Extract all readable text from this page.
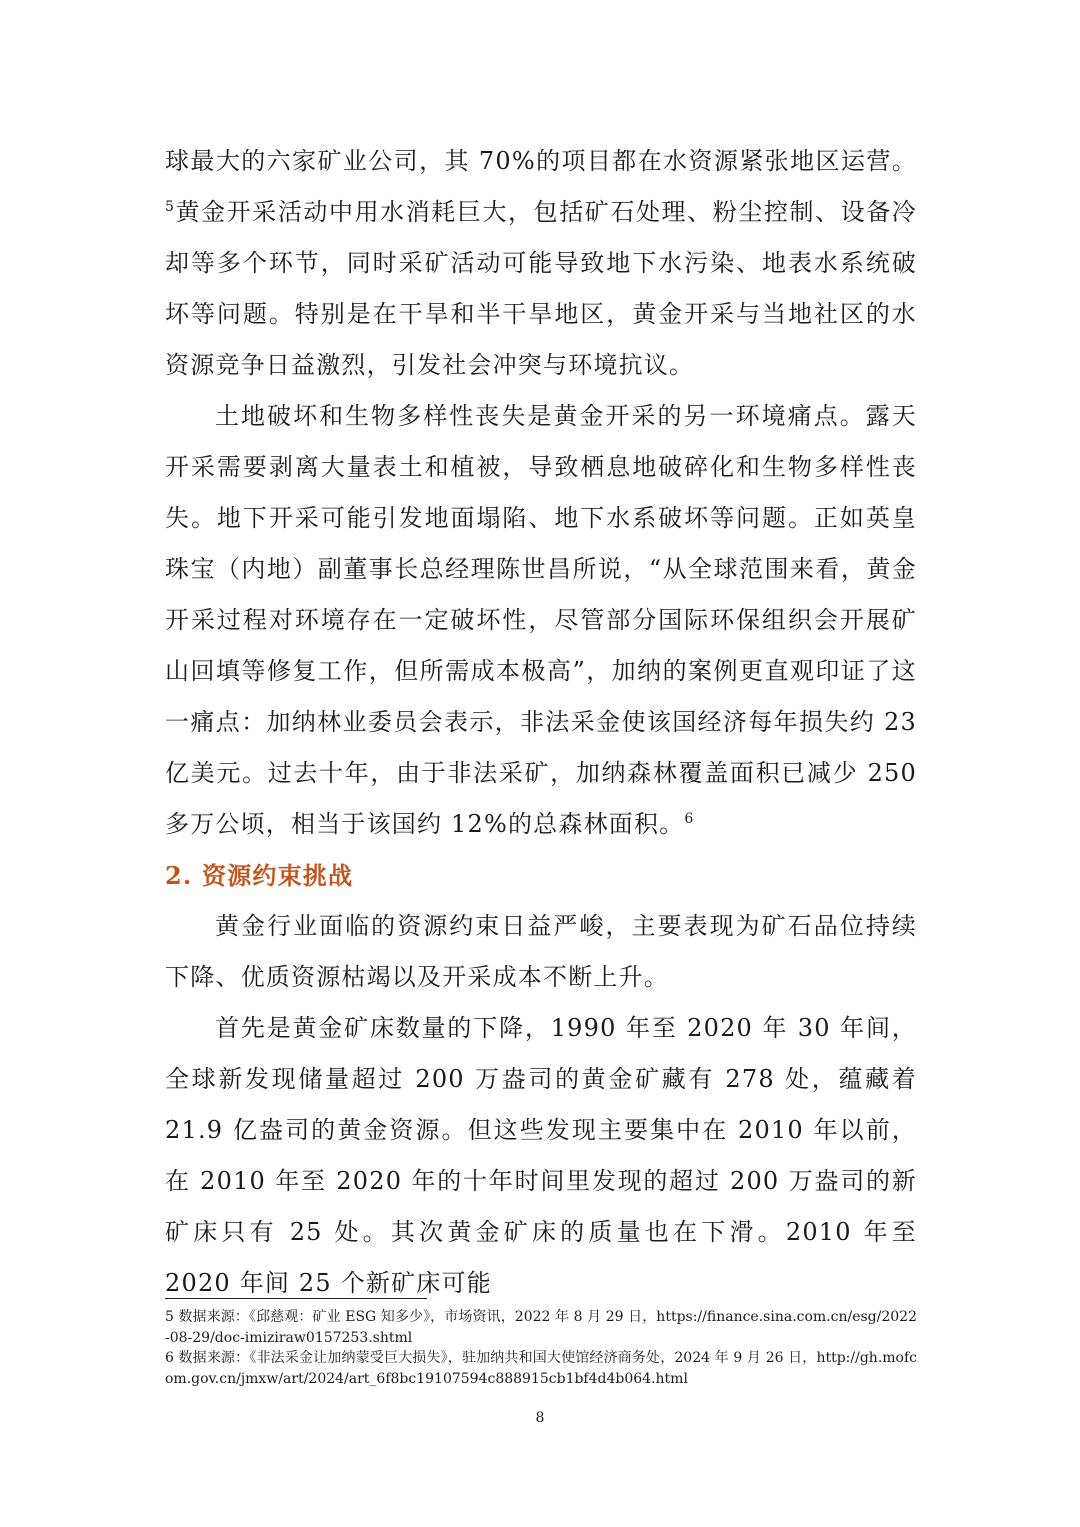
球最大的六家矿业公司，其 70%的项目都在水资源紧张地区运营。$^5$黄金开采活动中用水消耗巨大，包括矿石处理、粉尘控制、设备冷却等多个环节，同时采矿活动可能导致地下水污染、地表水系统破坏等问题。特别是在干旱和半干旱地区，黄金开采与当地社区的水资源竞争日益激烈，引发社会冲突与环境抗议。

土地破坏和生物多样性丧失是黄金开采的另一环境痛点。露天开采需要剥离大量表土和植被，导致栖息地破碎化和生物多样性丧失。地下开采可能引发地面塌陷、地下水系破坏等问题。正如英皇珠宝（内地）副董事长总经理陈世昌所说，“从全球范围来看，黄金开采过程对环境存在一定破坏性，尽管部分国际环保组织会开展矿山回填等修复工作，但所需成本极高”，加纳的案例更直观印证了这一痛点：加纳林业委员会表示，非法采金使该国经济每年损失约 23 亿美元。过去十年，由于非法采矿，加纳森林覆盖面积已减少 250 多万公顷，相当于该国约 12%的总森林面积。$^6$

2. 资源约束挑战

黄金行业面临的资源约束日益严峻，主要表现为矿石品位持续下降、优质资源枯竭以及开采成本不断上升。

首先是黄金矿床数量的下降，1990 年至 2020 年 30 年间，全球新发现储量超过 200 万盎司的黄金矿藏有 278 处，蕴藏着 21.9 亿盎司的黄金资源。但这些发现主要集中在 2010 年以前，在 2010 年至 2020 年的十年时间里发现的超过 200 万盎司的新矿床只有 25 处。其次黄金矿床的质量也在下滑。2010 年至 2020 年间 25 个新矿床可能

5 数据来源：《邱慈观：矿业 ESG 知多少》，市场资讯，2022 年 8 月 29 日，https://finance.sina.com.cn/esg/2022-08-29/doc-imizirаw0157253.shtml

6 数据来源：《非法采金让加纳蒙受巨大损失》，驻加纳共和国大使馆经济商务处，2024 年 9 月 26 日，http://gh.mofcom.gov.cn/jmxw/art/2024/art_6f8bc19107594c888915cb1bf4d4b064.html

8
